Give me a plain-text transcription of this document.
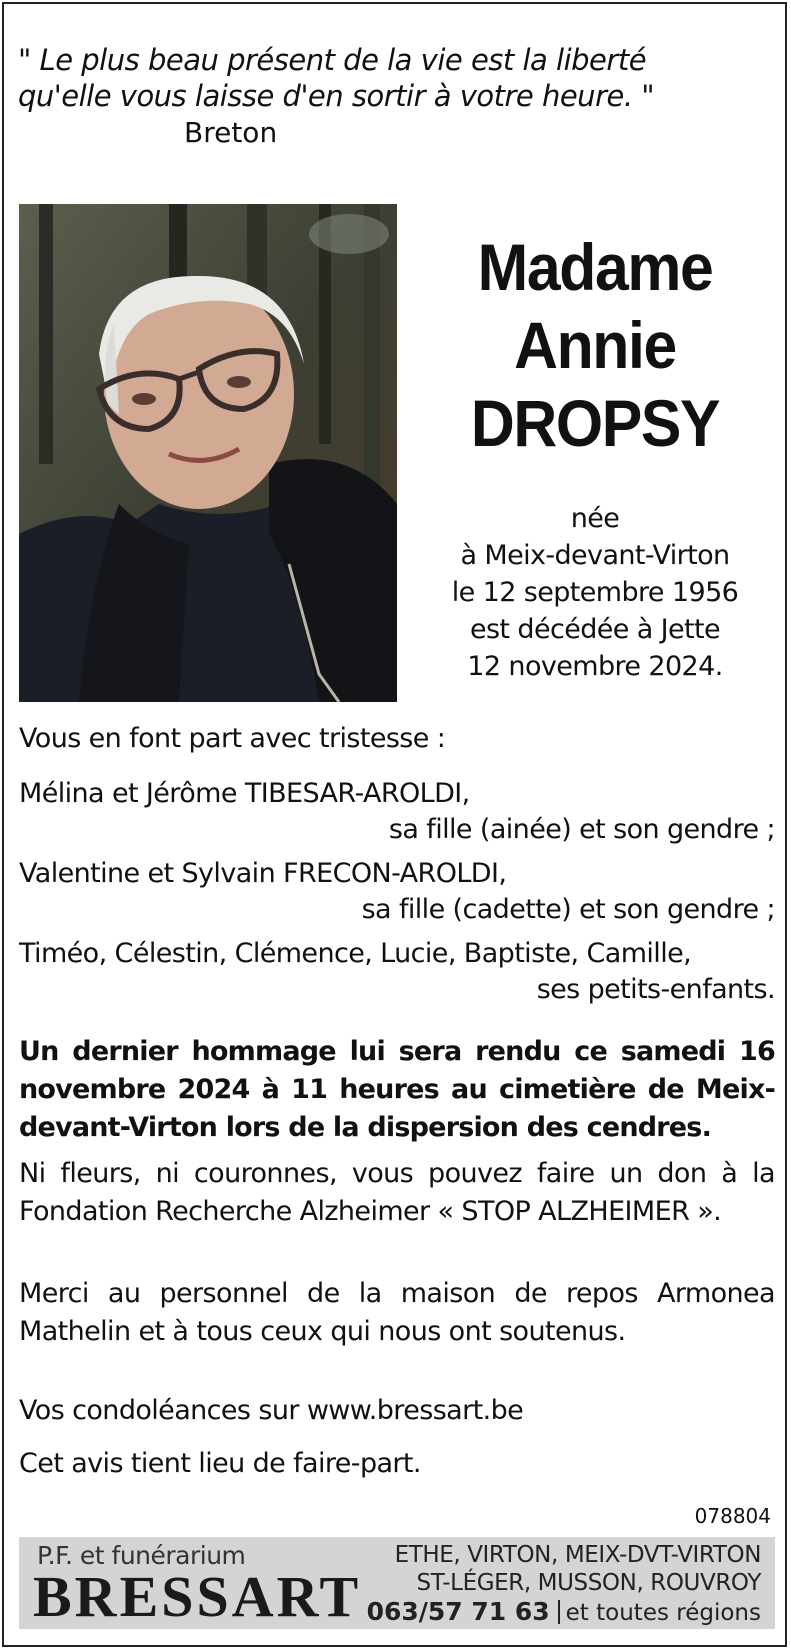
" Le plus beau présent de la vie est la liberté
qu'elle vous laisse d'en sortir à votre heure. "
Breton
Madame
Annie
DROPSY
née
à Meix-devant-Virton
le 12 septembre 1956
est décédée à Jette
12 novembre 2024.
Vous en font part avec tristesse :
Mélina et Jérôme TIBESAR-AROLDI,
sa fille (ainée) et son gendre ;
Valentine et Sylvain FRECON-AROLDI,
sa fille (cadette) et son gendre ;
Timéo, Célestin, Clémence, Lucie, Baptiste, Camille,
ses petits-enfants.
Un dernier hommage lui sera rendu ce samedi 16 novembre 2024 à 11 heures au cimetière de Meix-devant-Virton lors de la dispersion des cendres.
Ni fleurs, ni couronnes, vous pouvez faire un don à la Fondation Recherche Alzheimer « STOP ALZHEIMER ».
Merci au personnel de la maison de repos Armonea Mathelin et à tous ceux qui nous ont soutenus.
Vos condoléances sur www.bressart.be
Cet avis tient lieu de faire-part.
078804
P.F. et funérarium
BRESSART
ETHE, VIRTON, MEIX-DVT-VIRTON
ST-LÉGER, MUSSON, ROUVROY
063/57 71 63 et toutes régions
